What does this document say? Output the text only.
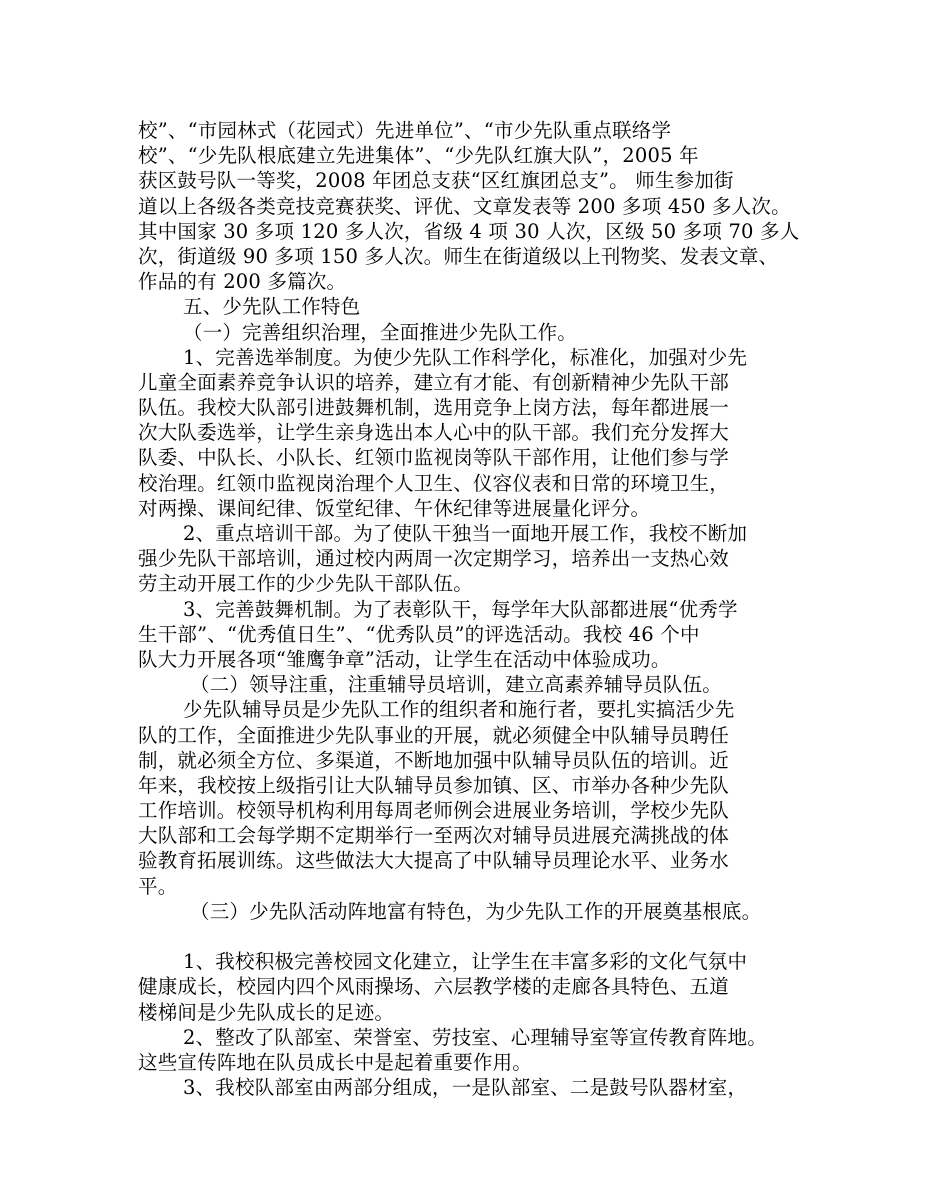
校”、“市园林式（花园式）先进单位”、“市少先队重点联络学
校”、“少先队根底建立先进集体”、“少先队红旗大队”，2005 年
获区鼓号队一等奖，2008 年团总支获“区红旗团总支”。 师生参加街
道以上各级各类竞技竞赛获奖、评优、文章发表等 200 多项 450 多人次。
其中国家 30 多项 120 多人次，省级 4 项 30 人次，区级 50 多项 70 多人
次，街道级 90 多项 150 多人次。师生在街道级以上刊物奖、发表文章、
作品的有 200 多篇次。
五、少先队工作特色
（一）完善组织治理，全面推进少先队工作。
1、完善选举制度。为使少先队工作科学化，标准化，加强对少先
儿童全面素养竞争认识的培养，建立有才能、有创新精神少先队干部
队伍。我校大队部引进鼓舞机制，选用竞争上岗方法，每年都进展一
次大队委选举，让学生亲身选出本人心中的队干部。我们充分发挥大
队委、中队长、小队长、红领巾监视岗等队干部作用，让他们参与学
校治理。红领巾监视岗治理个人卫生、仪容仪表和日常的环境卫生，
对两操、课间纪律、饭堂纪律、午休纪律等进展量化评分。
2、重点培训干部。为了使队干独当一面地开展工作，我校不断加
强少先队干部培训，通过校内两周一次定期学习，培养出一支热心效
劳主动开展工作的少少先队干部队伍。
3、完善鼓舞机制。为了表彰队干，每学年大队部都进展“优秀学
生干部”、“优秀值日生”、“优秀队员”的评选活动。我校 46 个中
队大力开展各项“雏鹰争章”活动，让学生在活动中体验成功。
（二）领导注重，注重辅导员培训，建立高素养辅导员队伍。
少先队辅导员是少先队工作的组织者和施行者，要扎实搞活少先
队的工作，全面推进少先队事业的开展，就必须健全中队辅导员聘任
制，就必须全方位、多渠道，不断地加强中队辅导员队伍的培训。近
年来，我校按上级指引让大队辅导员参加镇、区、市举办各种少先队
工作培训。校领导机构利用每周老师例会进展业务培训，学校少先队
大队部和工会每学期不定期举行一至两次对辅导员进展充满挑战的体
验教育拓展训练。这些做法大大提高了中队辅导员理论水平、业务水
平。
（三）少先队活动阵地富有特色，为少先队工作的开展奠基根底。
1、我校积极完善校园文化建立，让学生在丰富多彩的文化气氛中
健康成长，校园内四个风雨操场、六层教学楼的走廊各具特色、五道
楼梯间是少先队成长的足迹。
2、整改了队部室、荣誉室、劳技室、心理辅导室等宣传教育阵地。
这些宣传阵地在队员成长中是起着重要作用。
3、我校队部室由两部分组成，一是队部室、二是鼓号队器材室，
